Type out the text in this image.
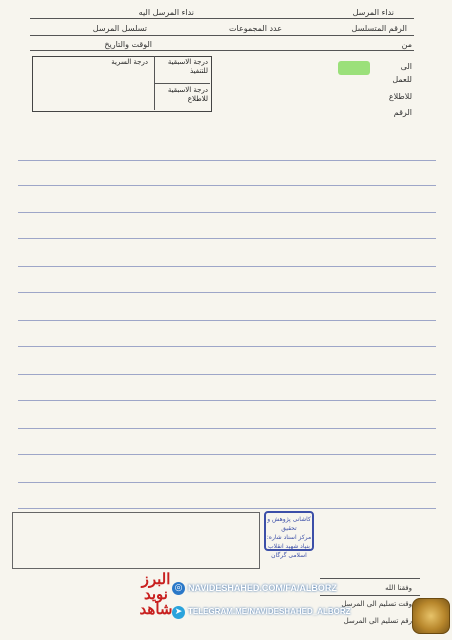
نداء المرسل
نداء المرسل اليه
الرقم المتسلسل
عدد المجموعات
تسلسل المرسل
من
الوقت والتاريخ
الى
للعمل
للاطلاع
الرقم
درجة السرية	درجة الاسبقية للتنفيذ
درجة الاسبقية للاطلاع
کاشانی پژوهش و تحقیق
مرکز اسناد شاره:
بنیاد شهید انقلاب اسلامی گرگان
وفقنا الله
وقت تسلیم الی المرسل
رقم تسليم الى المرسل
البرز نوید شاهد
◎ NAVIDESHAHED.COM/FA/ALBORZ
➤ TELEGRAM.ME/NAVIDESHAHED_ALBORZ
